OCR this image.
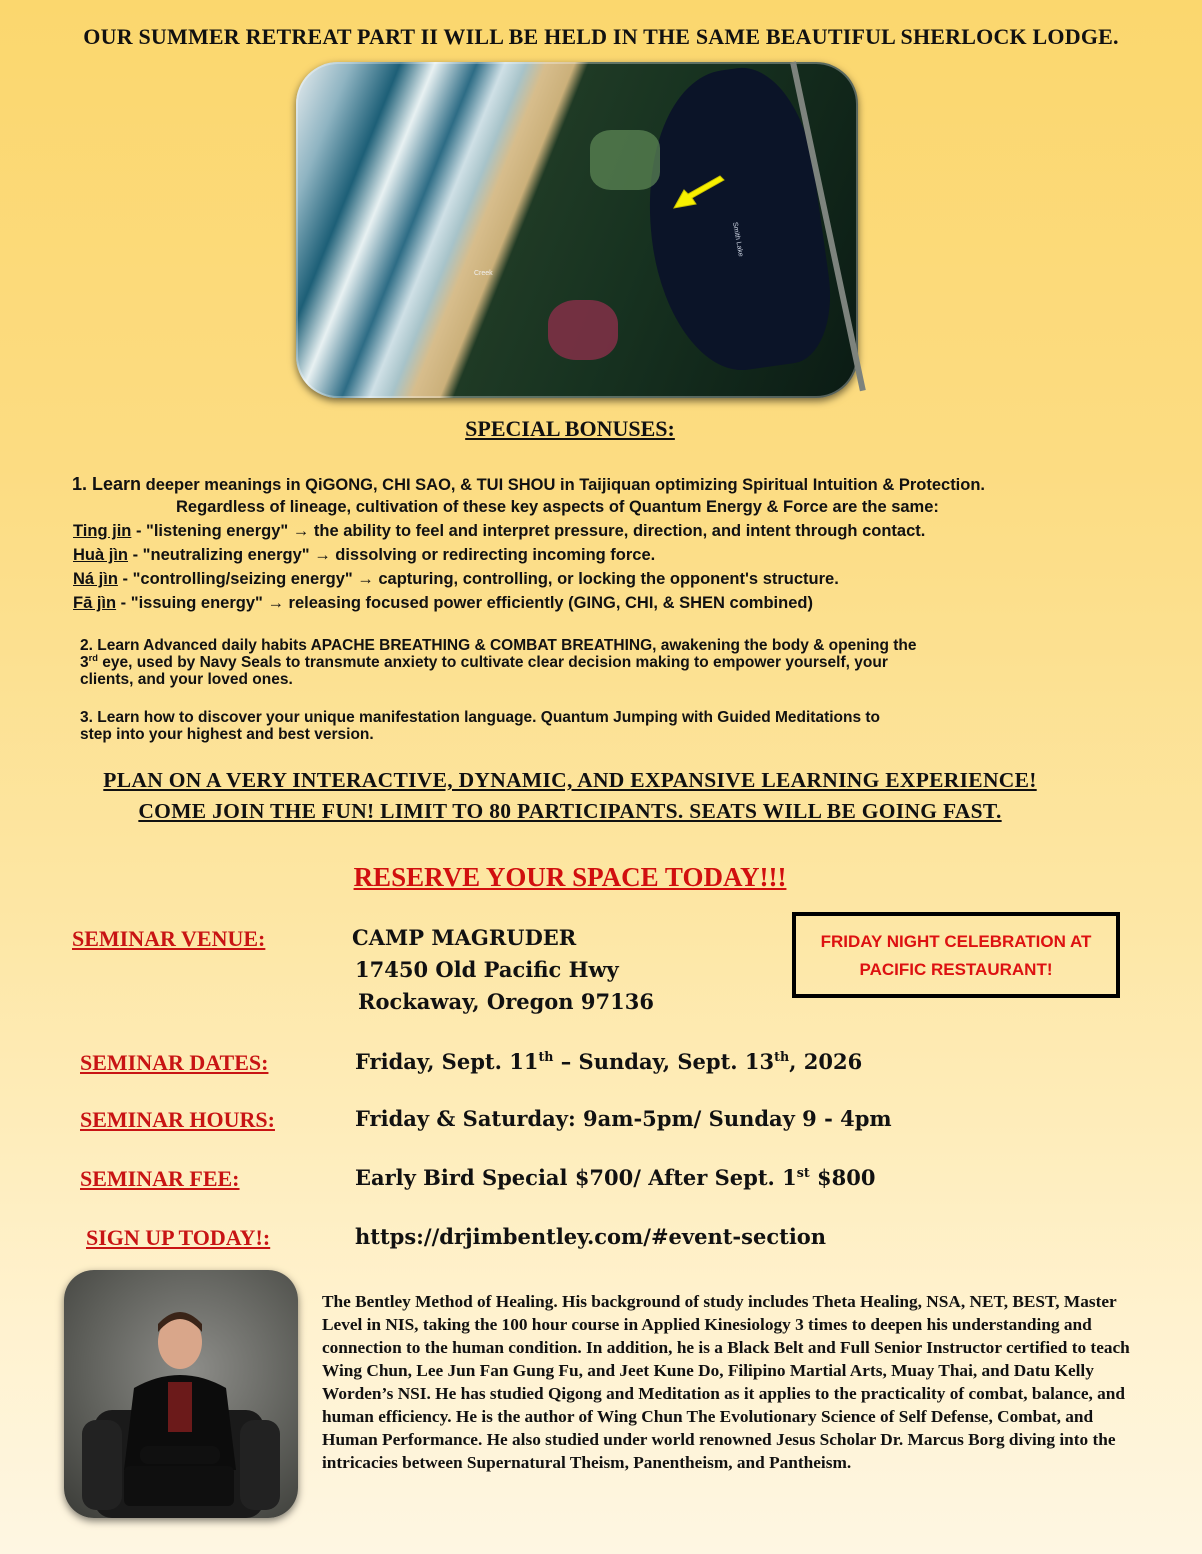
OUR SUMMER RETREAT PART II WILL BE HELD IN THE SAME BEAUTIFUL SHERLOCK LODGE.
Smith Lake
Creek
SPECIAL BONUSES:
1. Learn deeper meanings in QiGONG, CHI SAO, & TUI SHOU in Taijiquan optimizing Spiritual Intuition & Protection.
Regardless of lineage, cultivation of these key aspects of Quantum Energy & Force are the same:
Ting jin - "listening energy" → the ability to feel and interpret pressure, direction, and intent through contact.
Huà jìn - "neutralizing energy" → dissolving or redirecting incoming force.
Ná jìn - "controlling/seizing energy" → capturing, controlling, or locking the opponent's structure.
Fā jìn - "issuing energy" → releasing focused power efficiently (GING, CHI, & SHEN combined)
2. Learn Advanced daily habits APACHE BREATHING & COMBAT BREATHING, awakening the body & opening the
3rd eye, used by Navy Seals to transmute anxiety to cultivate clear decision making to empower yourself, your
clients, and your loved ones.
3. Learn how to discover your unique manifestation language. Quantum Jumping with Guided Meditations to
step into your highest and best version.
PLAN ON A VERY INTERACTIVE, DYNAMIC, AND EXPANSIVE LEARNING EXPERIENCE!
COME JOIN THE FUN! LIMIT TO 80 PARTICIPANTS. SEATS WILL BE GOING FAST.
RESERVE YOUR SPACE TODAY!!!
SEMINAR VENUE:	CAMP MAGRUDER
17450 Old Pacific Hwy
Rockaway, Oregon 97136
FRIDAY NIGHT CELEBRATION AT
PACIFIC RESTAURANT!
SEMINAR DATES:	Friday, Sept. 11th – Sunday, Sept. 13th, 2026
SEMINAR HOURS:	Friday & Saturday: 9am-5pm/ Sunday 9 - 4pm
SEMINAR FEE:	Early Bird Special $700/ After Sept. 1st $800
SIGN UP TODAY!:	https://drjimbentley.com/#event-section
The Bentley Method of Healing. His background of study includes Theta Healing, NSA, NET, BEST, Master Level in NIS, taking the 100 hour course in Applied Kinesiology 3 times to deepen his understanding and connection to the human condition. In addition, he is a Black Belt and Full Senior Instructor certified to teach Wing Chun, Lee Jun Fan Gung Fu, and Jeet Kune Do, Filipino Martial Arts, Muay Thai, and Datu Kelly Worden’s NSI. He has studied Qigong and Meditation as it applies to the practicality of combat, balance, and human efficiency. He is the author of Wing Chun The Evolutionary Science of Self Defense, Combat, and Human Performance. He also studied under world renowned Jesus Scholar Dr. Marcus Borg diving into the intricacies between Supernatural Theism, Panentheism, and Pantheism.
